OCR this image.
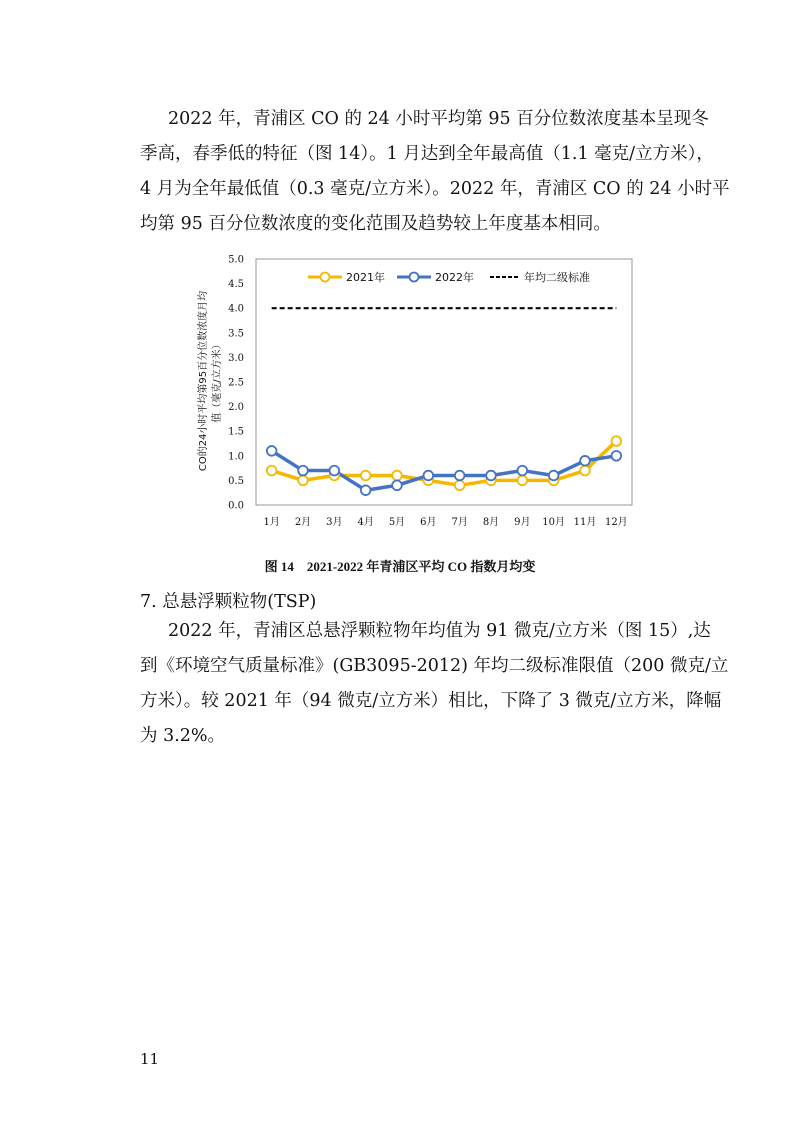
2022 年，青浦区 CO 的 24 小时平均第 95 百分位数浓度基本呈现冬
季高，春季低的特征（图 14）。1 月达到全年最高值（1.1 毫克/立方米），
4 月为全年最低值（0.3 毫克/立方米）。2022 年，青浦区 CO 的 24 小时平
均第 95 百分位数浓度的变化范围及趋势较上年度基本相同。

CO的24小时平均第95百分位数浓度月均 值（毫克/立方米）
0.0
0.5
1.0
1.5
2.0
2.5
3.0
3.5
4.0
4.5
5.0
1月 2月 3月 4月 5月 6月 7月 8月 9月 10月 11月 12月
2021年	2022年	年均二级标准
图 14　2021-2022 年青浦区平均 CO 指数月均变

7. 总悬浮颗粒物(TSP)

2022 年，青浦区总悬浮颗粒物年均值为 91 微克/立方米（图 15）,达
到《环境空气质量标准》(GB3095-2012) 年均二级标准限值（200 微克/立
方米）。较 2021 年（94 微克/立方米）相比，下降了 3 微克/立方米，降幅
为 3.2%。

11
